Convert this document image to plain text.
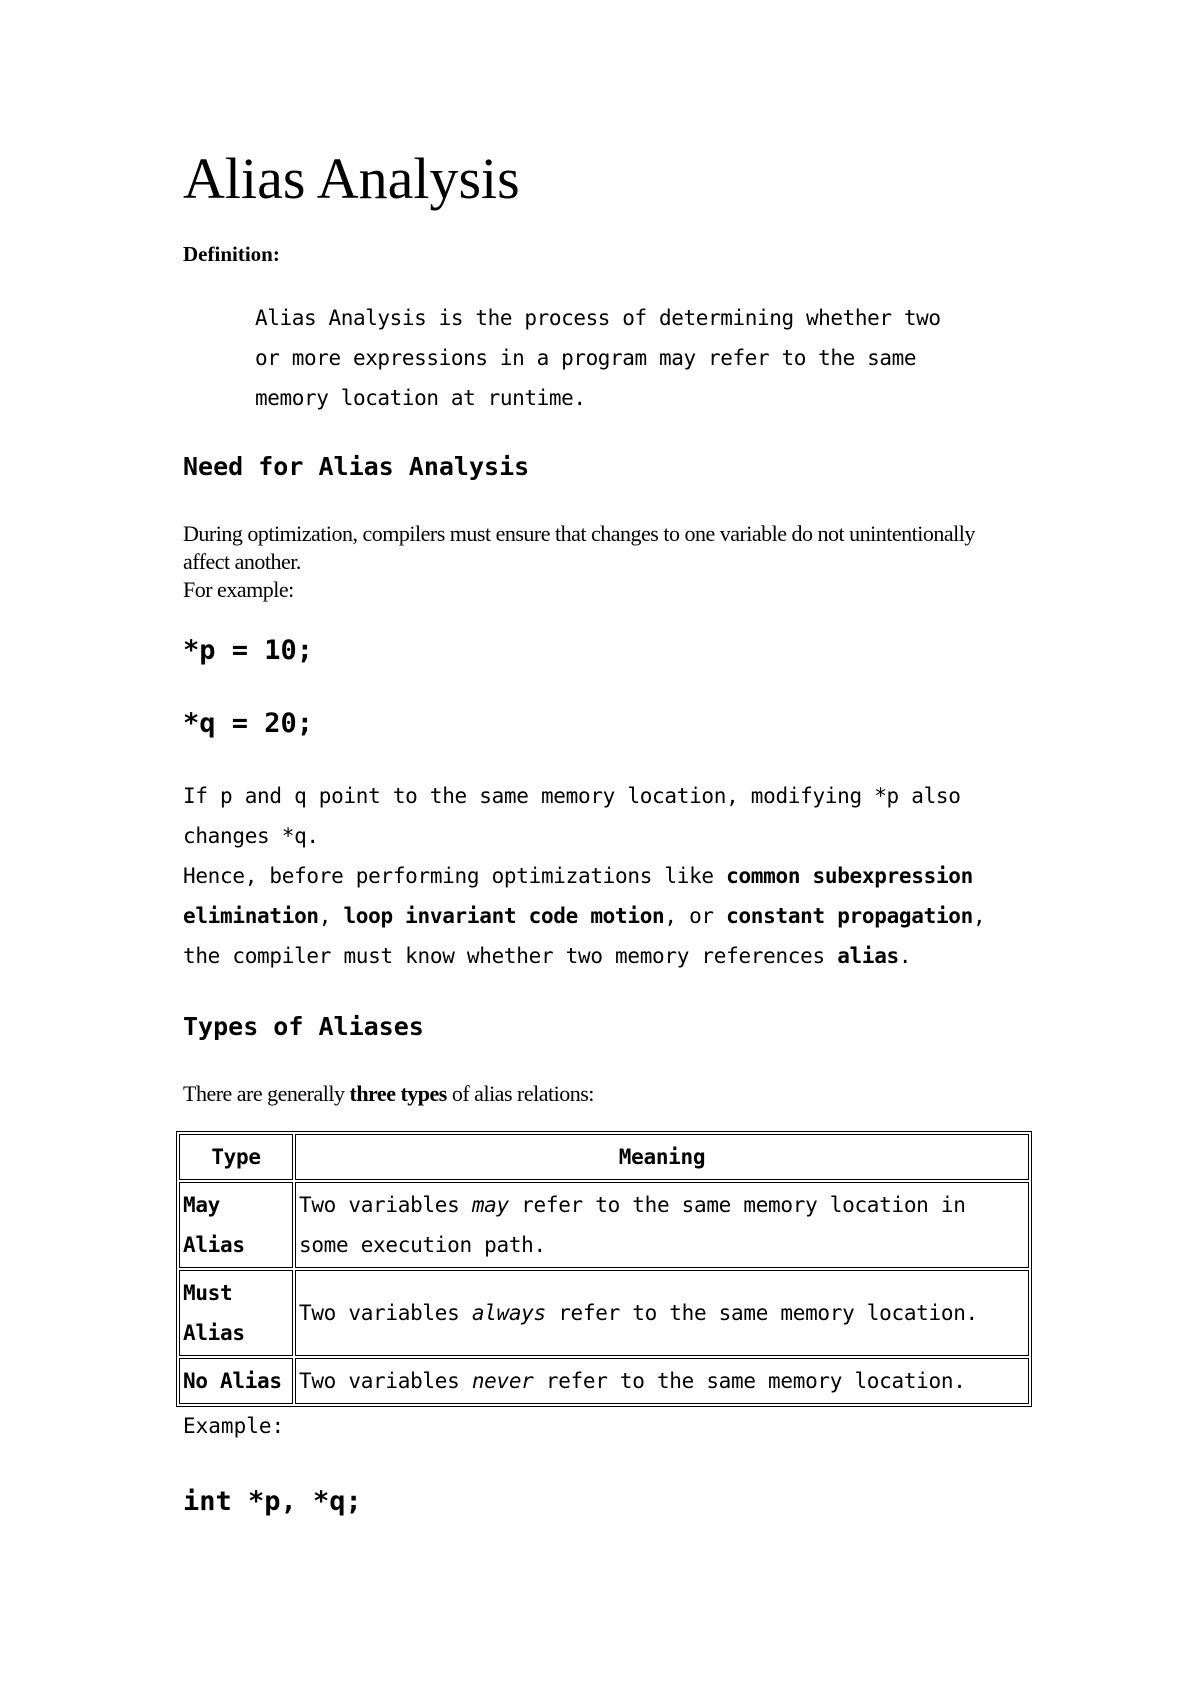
Alias Analysis
Definition:

Alias Analysis is the process of determining whether two or more expressions in a program may refer to the same memory location at runtime.

Need for Alias Analysis

During optimization, compilers must ensure that changes to one variable do not unintentionally affect another.
For example:

*p = 10;
*q = 20;

If p and q point to the same memory location, modifying *p also changes *q.
Hence, before performing optimizations like common subexpression elimination, loop invariant code motion, or constant propagation, the compiler must know whether two memory references alias.

Types of Aliases

There are generally three types of alias relations:

Type	Meaning
May Alias	Two variables may refer to the same memory location in some execution path.
Must Alias	Two variables always refer to the same memory location.
No Alias	Two variables never refer to the same memory location.

Example:

int *p, *q;
